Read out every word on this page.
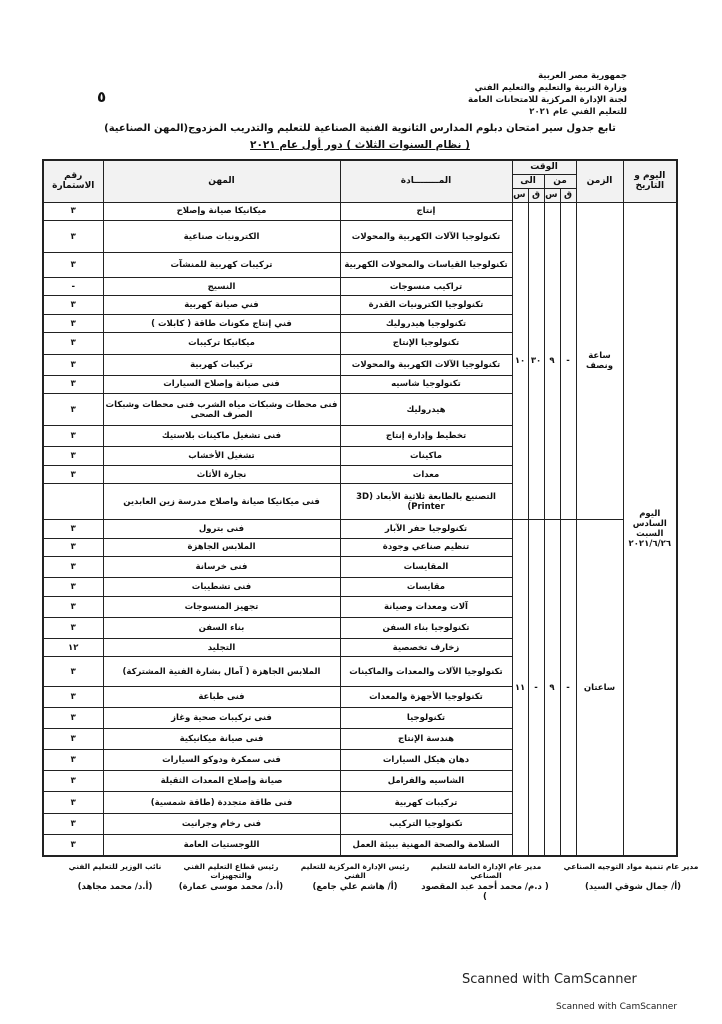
جمهورية مصر العربية
وزارة التربية والتعليم والتعليم الفني
لجنة الإدارة المركزية للامتحانات العامة
للتعليم الفني عام ٢٠٢١
٥
تابع جدول سير امتحان دبلوم المدارس الثانوية الفنية الصناعية للتعليم والتدريب المزدوج(المهن الصناعية)
( نظام السنوات الثلاث ) دور أول عام ٢٠٢١
اليوم و التاريخ	الزمن	الوقت				المــــــــادة	المهن	رقم الاستمارة
		من		الى				
		ق	س	ق	س			
اليوم السادس السبت ٢٠٢١/٦/٢٦	ساعة ونصف	-	٩	٣٠	١٠	إنتاج	ميكانيكا صيانة وإصلاح	٣
						تكنولوجيا الآلات الكهربية والمحولات	الكترونيات صناعية	٣
						تكنولوجيا القياسات والمحولات الكهربية	تركيبات كهربية للمنشآت	٣
						تراكيب منسوجات	النسيج	-
						تكنولوجيا الكترونيات القدرة	فني صيانة كهربية	٣
						تكنولوجيا هيدروليك	فني إنتاج مكونات طاقة ( كابلات )	٣
						تكنولوجيا الإنتاج	ميكانيكا تركيبات	٣
						تكنولوجيا الآلات الكهربية والمحولات	تركيبات كهربية	٣
						تكنولوجيا شاسيه	فنى صيانة وإصلاح السيارات	٣
						هيدروليك	فنى محطات وشبكات مياه الشرب فنى محطات وشبكات الصرف الصحى	٣
						تخطيط وإدارة إنتاج	فنى تشغيل ماكينات بلاستيك	٣
						ماكينات	تشغيل الأخشاب	٣
						معدات	نجارة الأثاث	٣
						التصنيع بالطابعة ثلاثية الأبعاد (3D Printer)	فنى ميكانيكا صيانة واصلاح مدرسة زين العابدين	
	ساعتان	-	٩	-	١١	تكنولوجيا حفر الآبار	فنى بترول	٣
						تنظيم صناعي وجودة	الملابس الجاهزة	٣
						المقايسات	فنى خرسانة	٣
						مقايسات	فنى تشطيبات	٣
						آلات ومعدات وصيانة	تجهيز المنسوجات	٣
						تكنولوجيا بناء السفن	بناء السفن	٣
						زخارف تخصصية	التجليد	١٢
						تكنولوجيا الآلات والمعدات والماكينات	الملابس الجاهزة ( آمال بشارة الفنية المشتركة)	٣
						تكنولوجيا الأجهزة والمعدات	فنى طباعة	٣
						تكنولوجيا	فنى تركيبات صحية وغاز	٣
						هندسة الإنتاج	فنى صيانة ميكانيكية	٣
						دهان هيكل السيارات	فنى سمكرة ودوكو السيارات	٣
						الشاسيه والفرامل	صيانة وإصلاح المعدات الثقيلة	٣
						تركيبات كهربية	فنى طاقة متجددة (طاقة شمسية)	٣
						تكنولوجيا التركيب	فنى رخام وجرانيت	٣
						السلامة والصحة المهنية ببيئة العمل	اللوجستيات العامة	٣
مدير عام تنمية مواد التوجيه الصناعي
(أ/ جمال شوقي السيد)
مدير عام الإدارة العامة للتعليم الصناعي
( د.م/ محمد أحمد عبد المقصود )
رئيس الإدارة المركزية للتعليم الفني
(أ/ هاشم علي جامع)
رئيس قطاع التعليم الفني والتجهيزات
(أ.د/ محمد موسى عمارة)
نائب الوزير للتعليم الفني
(أ.د/ محمد مجاهد)
Scanned with CamScanner
Scanned with CamScanner
